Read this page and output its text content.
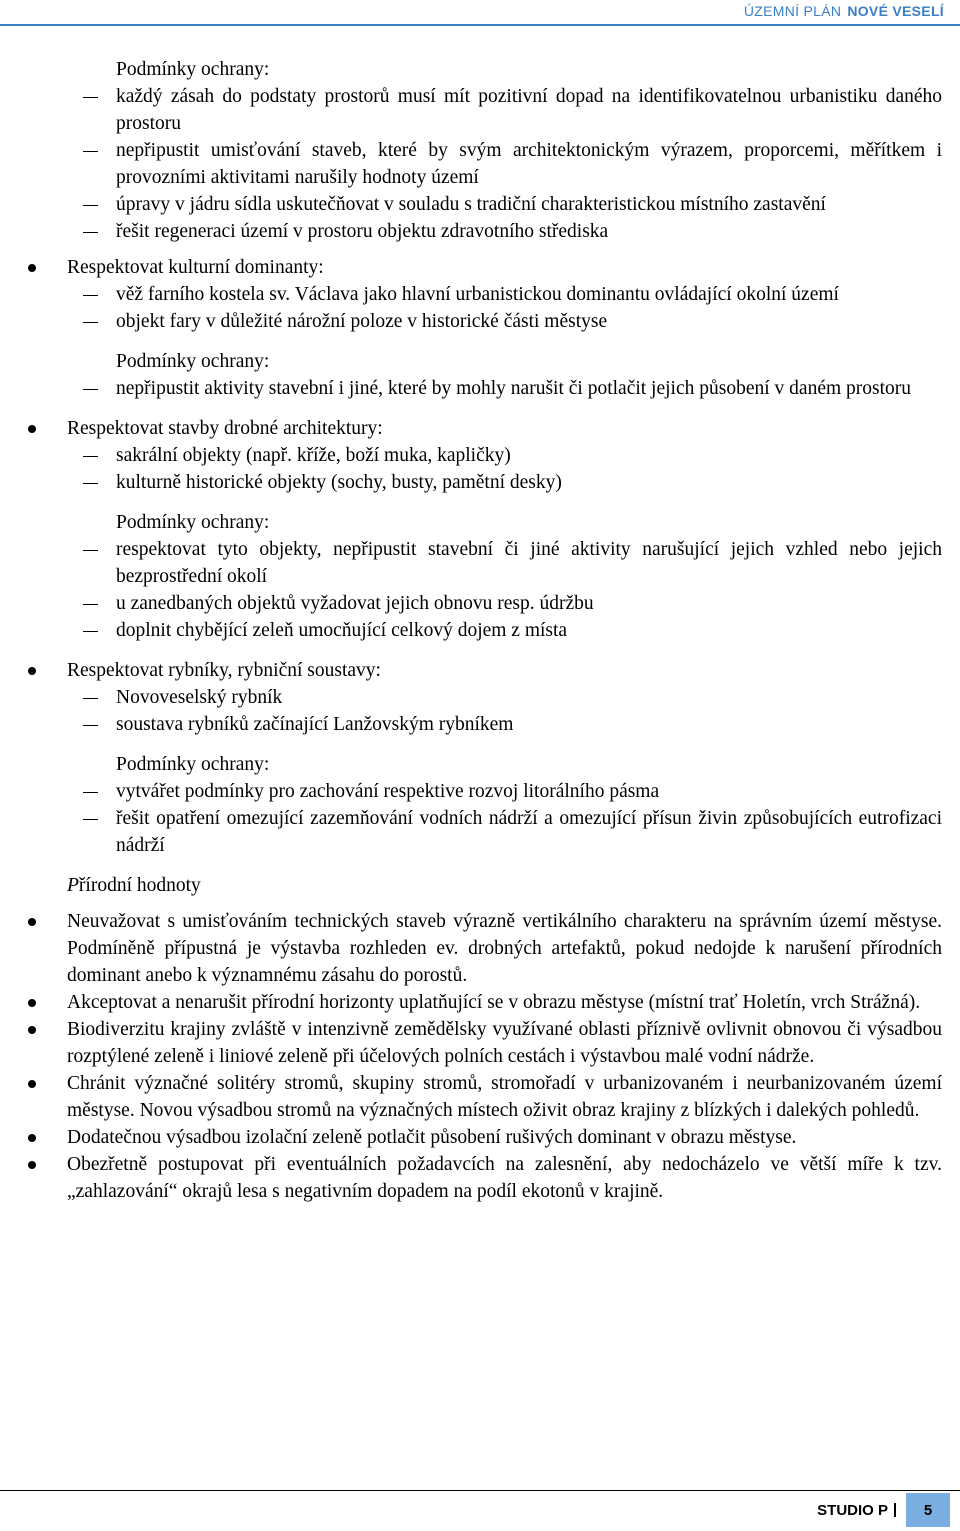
ÚZEMNÍ PLÁN NOVÉ VESELÍ
Podmínky ochrany:
každý zásah do podstaty prostorů musí mít pozitivní dopad na identifikovatelnou urbanistiku daného prostoru
nepřipustit umisťování staveb, které by svým architektonickým výrazem, proporcemi, měřítkem i provozními aktivitami narušily hodnoty území
úpravy v jádru sídla uskutečňovat v souladu s tradiční charakteristickou místního zastavění
řešit regeneraci území v prostoru objektu zdravotního střediska
Respektovat kulturní dominanty:
věž farního kostela sv. Václava jako hlavní urbanistickou dominantu ovládající okolní území
objekt fary v důležité nárožní poloze v historické části městyse
Podmínky ochrany:
nepřipustit aktivity stavební i jiné, které by mohly narušit či potlačit jejich působení v daném prostoru
Respektovat stavby drobné architektury:
sakrální objekty (např. kříže, boží muka, kapličky)
kulturně historické objekty (sochy, busty, pamětní desky)
Podmínky ochrany:
respektovat tyto objekty, nepřipustit stavební či jiné aktivity narušující jejich vzhled nebo jejich bezprostřední okolí
u zanedbaných objektů vyžadovat jejich obnovu resp. údržbu
doplnit chybějící zeleň umocňující celkový dojem z místa
Respektovat rybníky, rybniční soustavy:
Novoveselský rybník
soustava rybníků začínající Lanžovským rybníkem
Podmínky ochrany:
vytvářet podmínky pro zachování respektive rozvoj litorálního pásma
řešit opatření omezující zazemňování vodních nádrží a omezující přísun živin způsobujících eutrofizaci nádrží
Přírodní hodnoty
Neuvažovat s umisťováním technických staveb výrazně vertikálního charakteru na správním území městyse. Podmíněně přípustná je výstavba rozhleden ev. drobných artefaktů, pokud nedojde k narušení přírodních dominant anebo k významnému zásahu do porostů.
Akceptovat a nenarušit přírodní horizonty uplatňující se v obrazu městyse (místní trať Holetín, vrch Strážná).
Biodiverzitu krajiny zvláště v intenzivně zemědělsky využívané oblasti příznivě ovlivnit obnovou či výsadbou rozptýlené zeleně i liniové zeleně při účelových polních cestách i výstavbou malé vodní nádrže.
Chránit význačné solitéry stromů, skupiny stromů, stromořadí v urbanizovaném i neurbanizovaném území městyse. Novou výsadbou stromů na význačných místech oživit obraz krajiny z blízkých i dalekých pohledů.
Dodatečnou výsadbou izolační zeleně potlačit působení rušivých dominant v obrazu městyse.
Obezřetně postupovat při eventuálních požadavcích na zalesnění, aby nedocházelo ve větší míře k tzv. „zahlazování“ okrajů lesa s negativním dopadem na podíl ekotonů v krajině.
STUDIO P	5
